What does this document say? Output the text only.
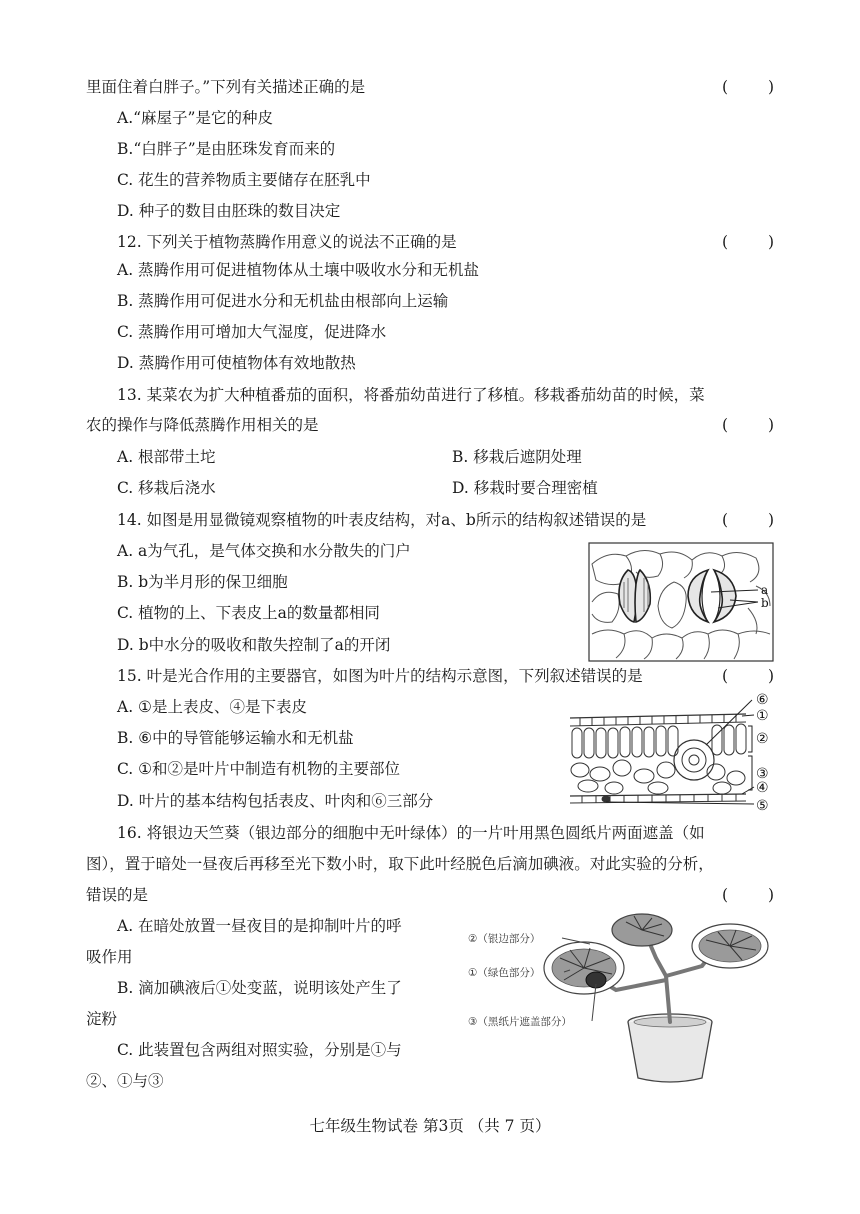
里面住着白胖子。”下列有关描述正确的是	(	)
A.“麻屋子”是它的种皮
B.“白胖子”是由胚珠发育而来的
C. 花生的营养物质主要储存在胚乳中
D. 种子的数目由胚珠的数目决定
12. 下列关于植物蒸腾作用意义的说法不正确的是	(	)
A. 蒸腾作用可促进植物体从土壤中吸收水分和无机盐
B. 蒸腾作用可促进水分和无机盐由根部向上运输
C. 蒸腾作用可增加大气湿度，促进降水
D. 蒸腾作用可使植物体有效地散热
13. 某菜农为扩大种植番茄的面积，将番茄幼苗进行了移植。移栽番茄幼苗的时候，菜
农的操作与降低蒸腾作用相关的是	(	)
A. 根部带土坨	B. 移栽后遮阴处理
C. 移栽后浇水	D. 移栽时要合理密植
14. 如图是用显微镜观察植物的叶表皮结构，对a、b所示的结构叙述错误的是	(	)
A. a为气孔，是气体交换和水分散失的门户
B. b为半月形的保卫细胞
C. 植物的上、下表皮上a的数量都相同
D. b中水分的吸收和散失控制了a的开闭
a
b
15. 叶是光合作用的主要器官，如图为叶片的结构示意图，下列叙述错误的是	(	)
A. ①是上表皮、④是下表皮
B. ⑥中的导管能够运输水和无机盐
C. ①和②是叶片中制造有机物的主要部位
D. 叶片的基本结构包括表皮、叶肉和⑥三部分
⑥
①
②
③
④
⑤
16. 将银边天竺葵（银边部分的细胞中无叶绿体）的一片叶用黑色圆纸片两面遮盖（如
图），置于暗处一昼夜后再移至光下数小时，取下此叶经脱色后滴加碘液。对此实验的分析，
错误的是	(	)
A. 在暗处放置一昼夜目的是抑制叶片的呼
吸作用
B. 滴加碘液后①处变蓝，说明该处产生了
淀粉
C. 此装置包含两组对照实验，分别是①与
②、①与③
②（银边部分）
①（绿色部分）
③（黑纸片遮盖部分）
七年级生物试卷 第3页 （共 7 页）
